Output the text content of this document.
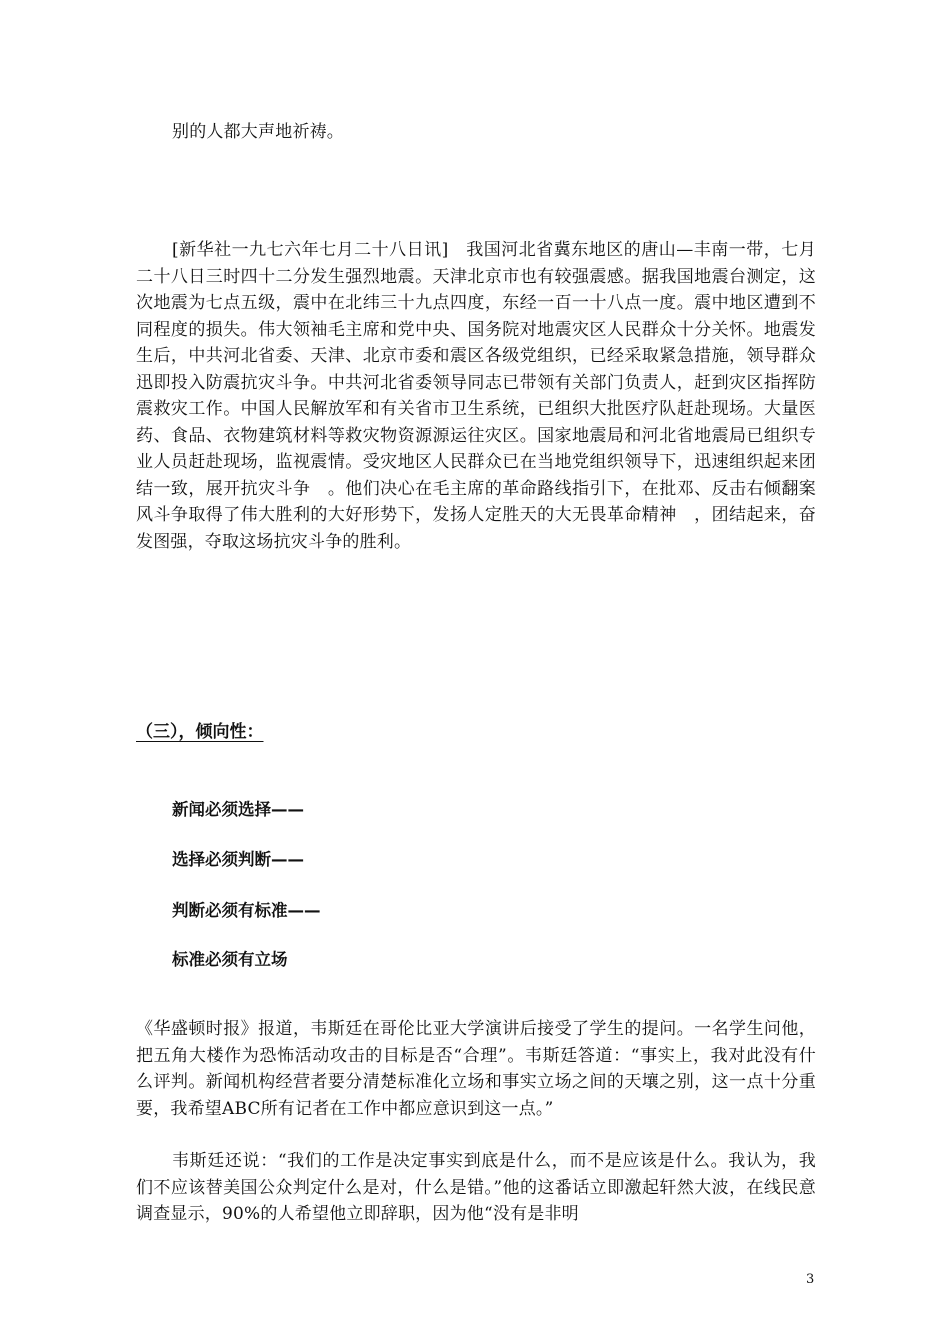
别的人都大声地祈祷。
[新华社一九七六年七月二十八日讯]　我国河北省冀东地区的唐山—丰南一带，七月二十八日三时四十二分发生强烈地震。天津北京市也有较强震感。据我国地震台测定，这次地震为七点五级，震中在北纬三十九点四度，东经一百一十八点一度。震中地区遭到不同程度的损失。伟大领袖毛主席和党中央、国务院对地震灾区人民群众十分关怀。地震发生后，中共河北省委、天津、北京市委和震区各级党组织，已经采取紧急措施，领导群众迅即投入防震抗灾斗争。中共河北省委领导同志已带领有关部门负责人，赶到灾区指挥防震救灾工作。中国人民解放军和有关省市卫生系统，已组织大批医疗队赶赴现场。大量医药、食品、衣物建筑材料等救灾物资源源运往灾区。国家地震局和河北省地震局已组织专业人员赶赴现场，监视震情。受灾地区人民群众已在当地党组织领导下，迅速组织起来团结一致，展开抗灾斗争　。他们决心在毛主席的革命路线指引下，在批邓、反击右倾翻案风斗争取得了伟大胜利的大好形势下，发扬人定胜天的大无畏革命精神　，团结起来，奋发图强，夺取这场抗灾斗争的胜利。
（三），倾向性：
新闻必须选择——
选择必须判断——
判断必须有标准——
标准必须有立场
《华盛顿时报》报道，韦斯廷在哥伦比亚大学演讲后接受了学生的提问。一名学生问他，把五角大楼作为恐怖活动攻击的目标是否“合理”。韦斯廷答道：“事实上，我对此没有什么评判。新闻机构经营者要分清楚标准化立场和事实立场之间的天壤之别，这一点十分重要，我希望ABC所有记者在工作中都应意识到这一点。”
韦斯廷还说：“我们的工作是决定事实到底是什么，而不是应该是什么。我认为，我们不应该替美国公众判定什么是对，什么是错。”他的这番话立即激起轩然大波，在线民意调查显示，90%的人希望他立即辞职，因为他“没有是非明
3
